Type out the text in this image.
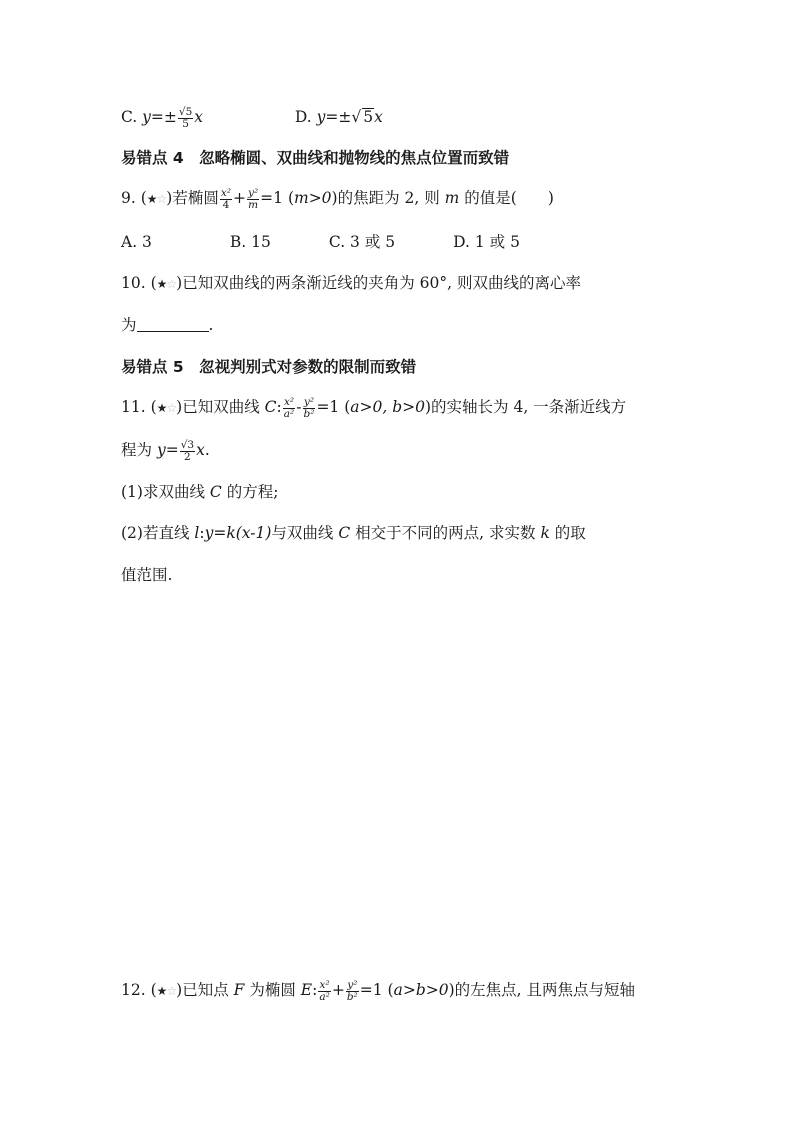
C. $y=\pm \frac{√5}{5}$ x	D. y=±√ 5x
易错点 4　忽略椭圆、双曲线和抛物线的焦点位置而致错
9. (★☆)若椭圆 $\frac{\text{x²}}{4} + \frac{\text{y²}}{m} =1$ (m>0)的焦距为 2, 则 m 的值是(　　)
A. 3	B. 15	C. 3 或 5	D. 1 或 5
10. (★☆)已知双曲线的两条渐近线的夹角为 60°, 则双曲线的离心率
为	.
易错点 5　忽视判别式对参数的限制而致错
11. (★☆)已知双曲线 C: $\frac{\text{x²}}{\text{a²}} - \frac{\text{y²}}{\text{b²}} =1$ (a>0, b>0)的实轴长为 4, 一条渐近线方
程为 $y= \frac{√3}{2} x$.
(1)求双曲线 C 的方程;
(2)若直线 l:y=k(x-1)与双曲线 C 相交于不同的两点, 求实数 k 的取
值范围.
12. (★☆)已知点 F 为椭圆 E: $\frac{\text{x²}}{\text{a²}} + \frac{\text{y²}}{\text{b²}} =1$ (a>b>0)的左焦点, 且两焦点与短轴
